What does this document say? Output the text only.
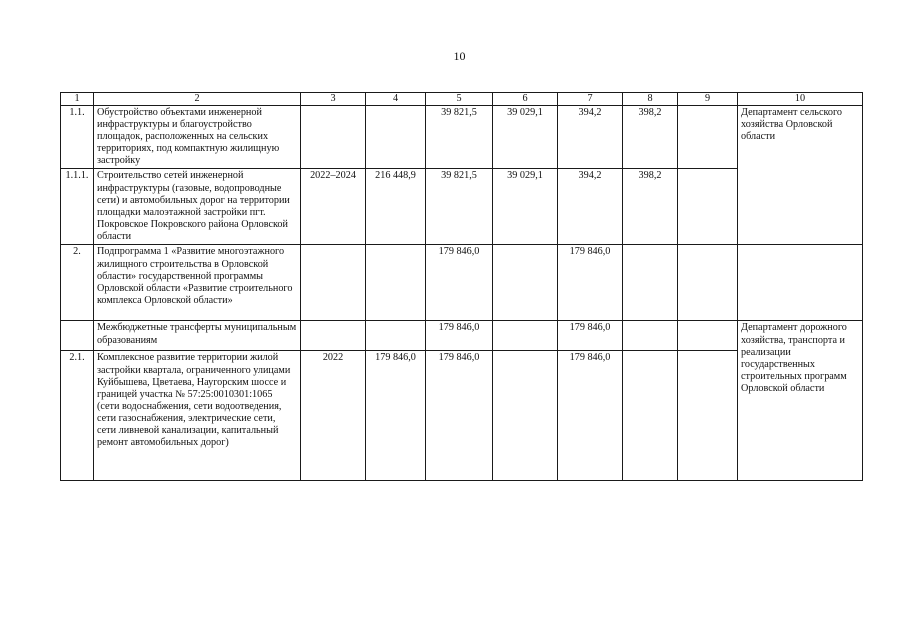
10
1	2	3	4	5	6	7	8	9	10
1.1.	Обустройство объектами инженерной инфраструктуры и благоустройство площадок, расположенных на сельских территориях, под компактную жилищную застройку			39 821,5	39 029,1	394,2	398,2		Департамент сельского хозяйства Орловской области
1.1.1.	Строительство сетей инженерной инфраструктуры (газовые, водопроводные сети) и автомобильных дорог на территории площадки малоэтажной застройки пгт. Покровское Покровского района Орловской области	2022–2024	216 448,9	39 821,5	39 029,1	394,2	398,2		
2.	Подпрограмма 1 «Развитие многоэтажного жилищного строительства в Орловской области» государственной программы Орловской области «Развитие строительного комплекса Орловской области»			179 846,0		179 846,0			
	Межбюджетные трансферты муниципальным образованиям			179 846,0		179 846,0			Департамент дорожного хозяйства, транспорта и реализации государственных строительных программ Орловской области
2.1.	Комплексное развитие территории жилой застройки квартала, ограниченного улицами Куйбышева, Цветаева, Наугорским шоссе и границей участка № 57:25:0010301:1065 (сети водоснабжения, сети водоотведения, сети газоснабжения, электрические сети, сети ливневой канализации, капитальный ремонт автомобильных дорог)	2022	179 846,0	179 846,0		179 846,0			
